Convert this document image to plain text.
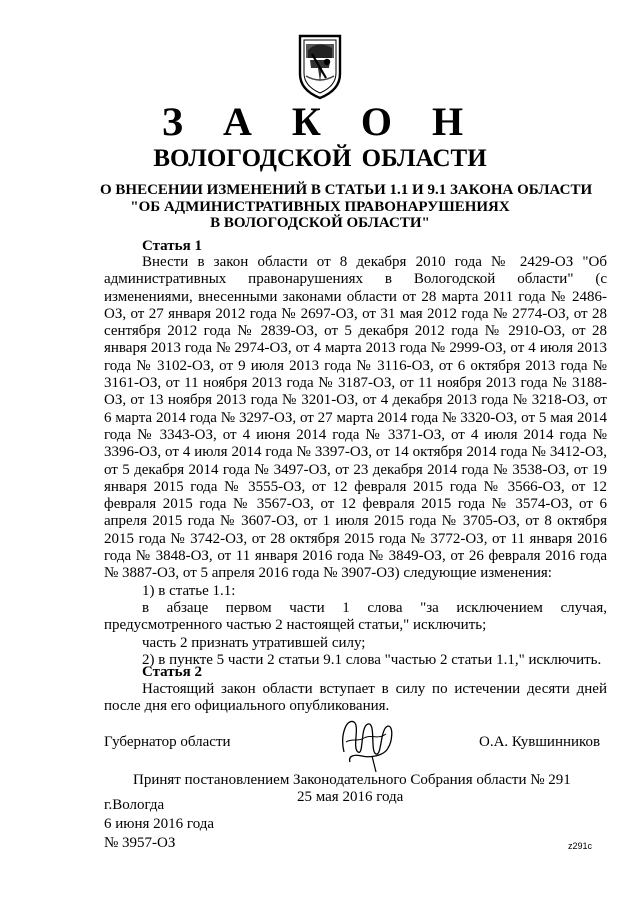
З А К О Н
ВОЛОГОДСКОЙ ОБЛАСТИ
О ВНЕСЕНИИ ИЗМЕНЕНИЙ В СТАТЬИ 1.1 И 9.1 ЗАКОНА ОБЛАСТИ
"ОБ АДМИНИСТРАТИВНЫХ ПРАВОНАРУШЕНИЯХ
В ВОЛОГОДСКОЙ ОБЛАСТИ"
Статья 1

Внести в закон области от 8 декабря 2010 года № 2429-ОЗ "Об административных правонарушениях в Вологодской области" (с изменениями, внесенными законами области от 28 марта 2011 года № 2486-ОЗ, от 27 января 2012 года № 2697-ОЗ, от 31 мая 2012 года № 2774-ОЗ, от 28 сентября 2012 года № 2839-ОЗ, от 5 декабря 2012 года № 2910-ОЗ, от 28 января 2013 года № 2974-ОЗ, от 4 марта 2013 года № 2999-ОЗ, от 4 июля 2013 года № 3102-ОЗ, от 9 июля 2013 года № 3116-ОЗ, от 6 октября 2013 года № 3161-ОЗ, от 11 ноября 2013 года № 3187-ОЗ, от 11 ноября 2013 года № 3188-ОЗ, от 13 ноября 2013 года № 3201-ОЗ, от 4 декабря 2013 года № 3218-ОЗ, от 6 марта 2014 года № 3297-ОЗ, от 27 марта 2014 года № 3320-ОЗ, от 5 мая 2014 года № 3343-ОЗ, от 4 июня 2014 года № 3371-ОЗ, от 4 июля 2014 года № 3396-ОЗ, от 4 июля 2014 года № 3397-ОЗ, от 14 октября 2014 года № 3412-ОЗ, от 5 декабря 2014 года № 3497-ОЗ, от 23 декабря 2014 года № 3538-ОЗ, от 19 января 2015 года № 3555-ОЗ, от 12 февраля 2015 года № 3566-ОЗ, от 12 февраля 2015 года № 3567-ОЗ, от 12 февраля 2015 года № 3574-ОЗ, от 6 апреля 2015 года № 3607-ОЗ, от 1 июля 2015 года № 3705-ОЗ, от 8 октября 2015 года № 3742-ОЗ, от 28 октября 2015 года № 3772-ОЗ, от 11 января 2016 года № 3848-ОЗ, от 11 января 2016 года № 3849-ОЗ, от 26 февраля 2016 года № 3887-ОЗ, от 5 апреля 2016 года № 3907-ОЗ) следующие изменения:

1) в статье 1.1:

в абзаце первом части 1 слова "за исключением случая, предусмотренного частью 2 настоящей статьи," исключить;

часть 2 признать утратившей силу;

2) в пункте 5 части 2 статьи 9.1 слова "частью 2 статьи 1.1," исключить.

Статья 2

Настоящий закон области вступает в силу по истечении десяти дней после дня его официального опубликования.

Губернатор области	О.А. Кувшинников
Принят постановлением Законодательного Собрания области № 291
25 мая 2016 года
г.Вологда
6 июня 2016 года
№ 3957-ОЗ	z291с
